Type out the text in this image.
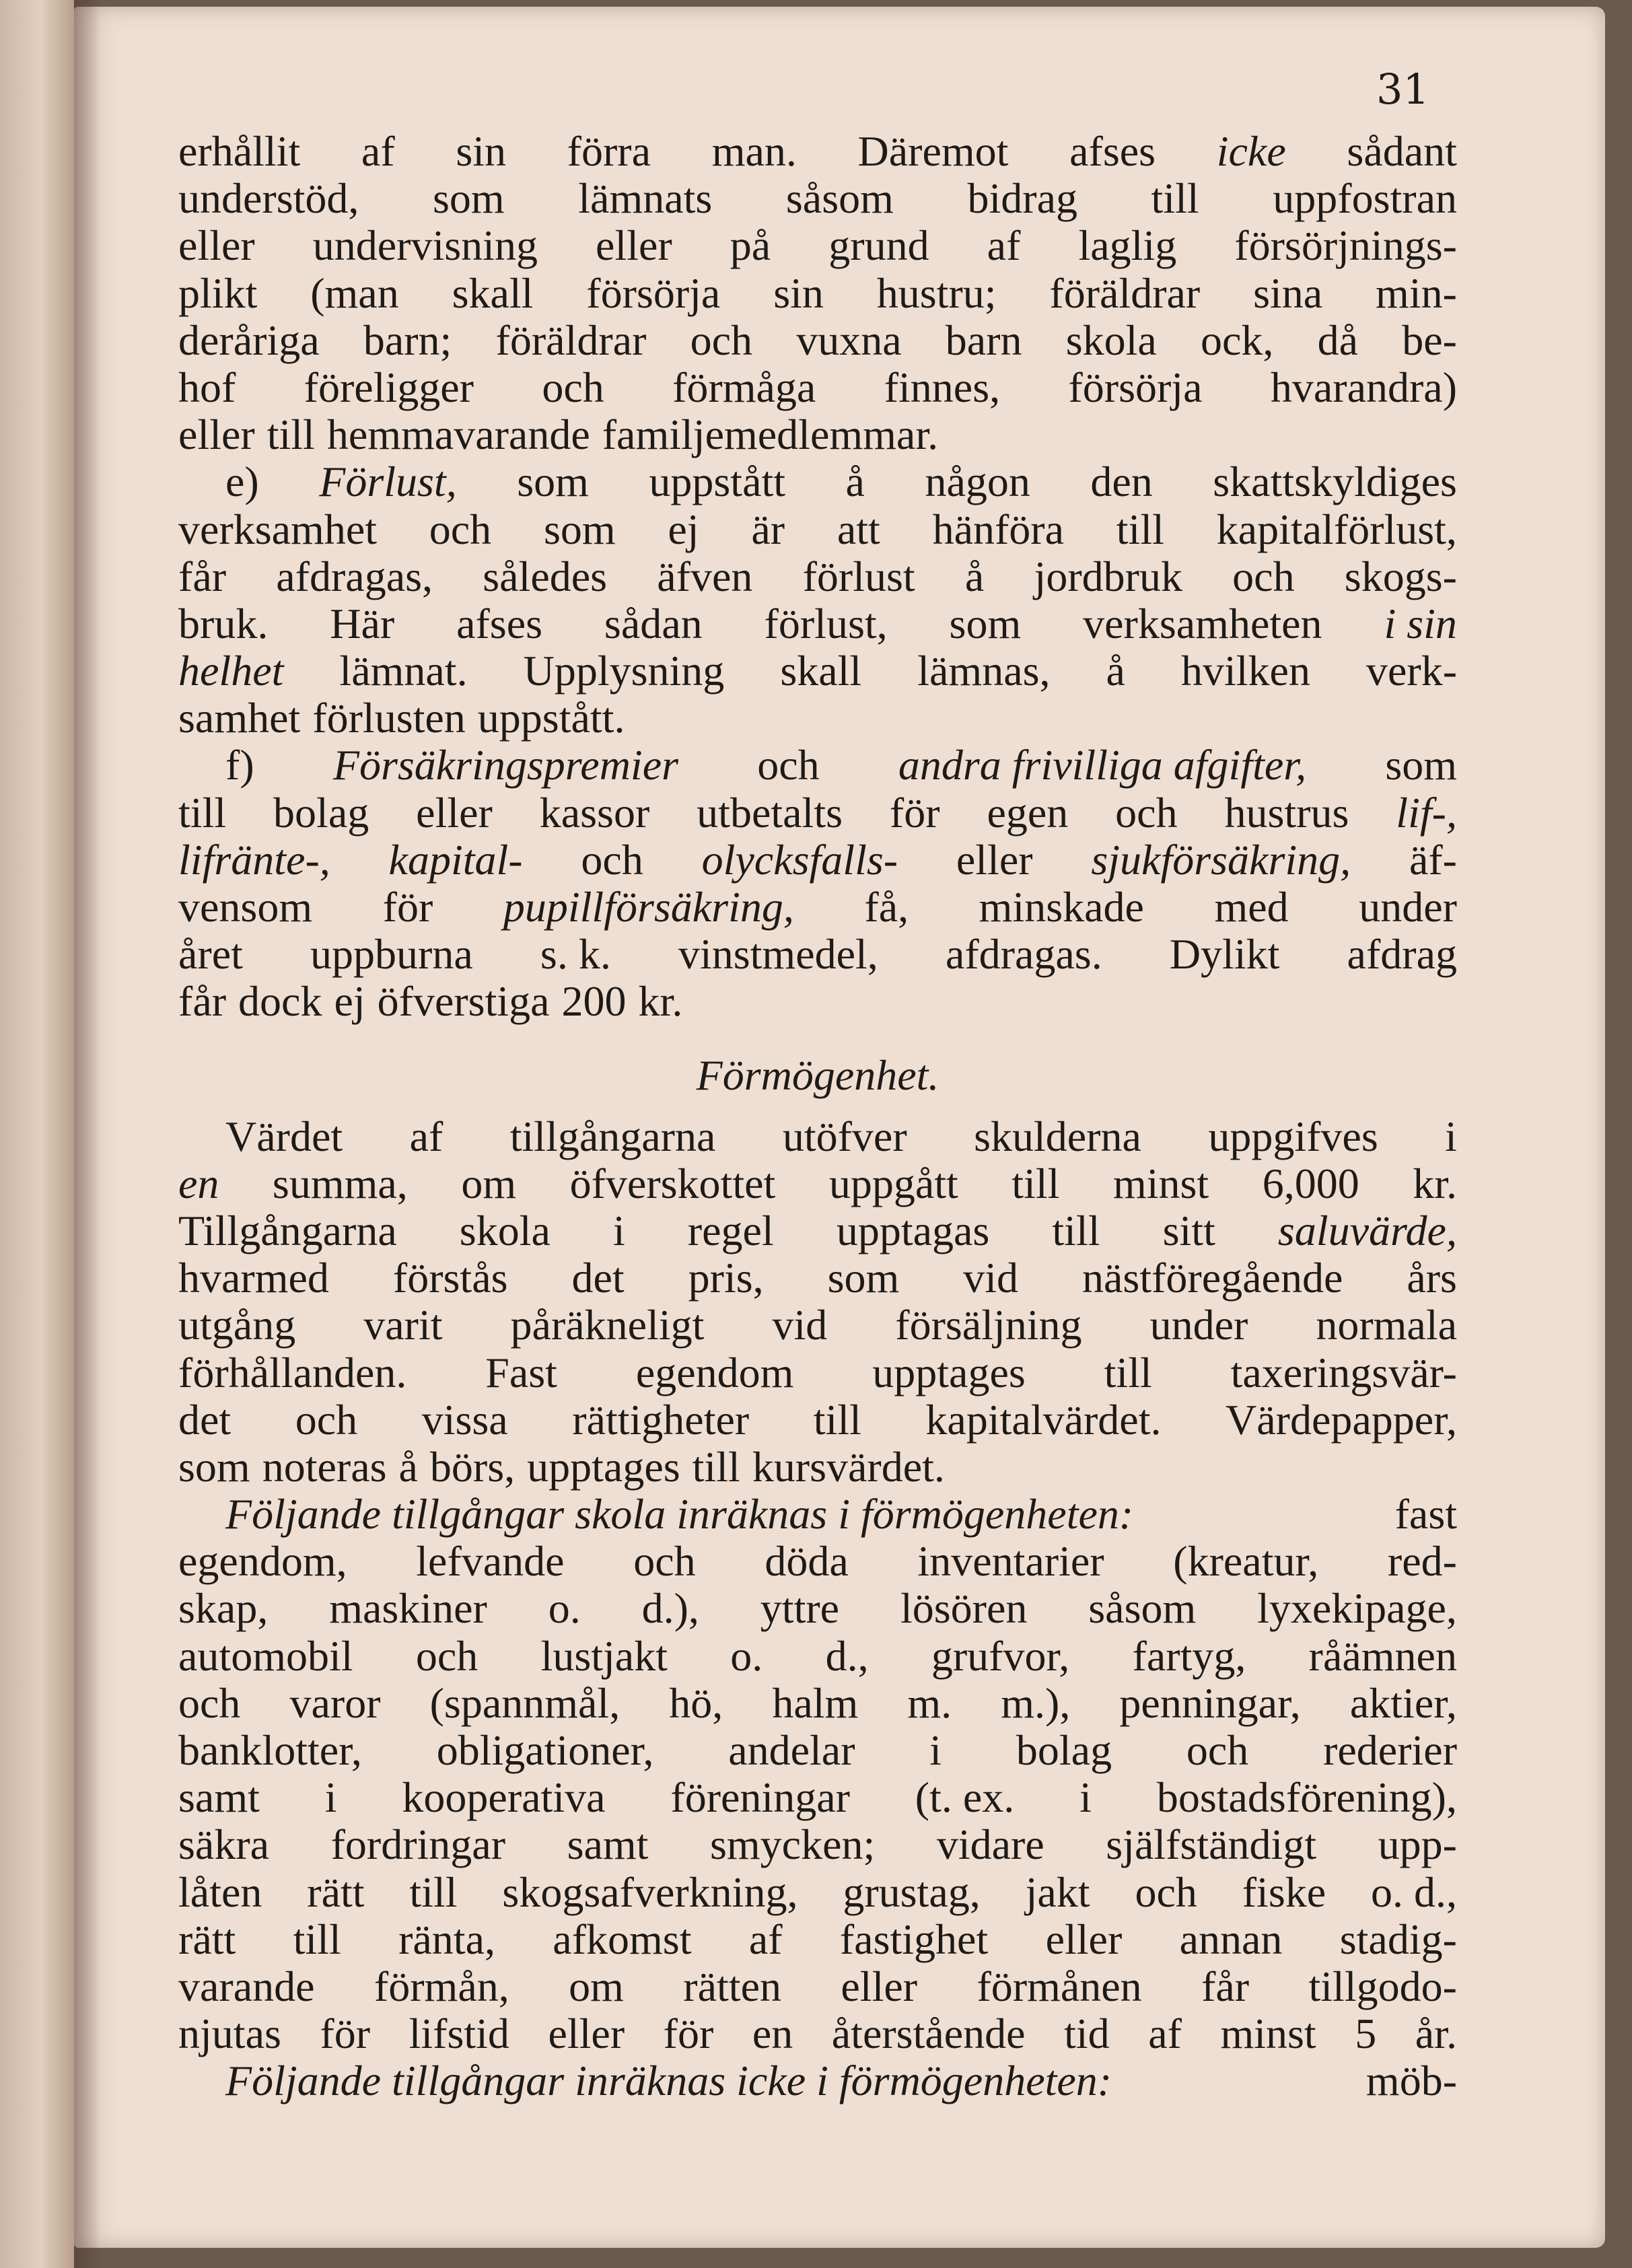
31
erhållit af sin förra man. Däremot afses icke sådant
understöd, som lämnats såsom bidrag till uppfostran
eller undervisning eller på grund af laglig försörjnings-
plikt (man skall försörja sin hustru; föräldrar sina min-
deråriga barn; föräldrar och vuxna barn skola ock, då be-
hof föreligger och förmåga finnes, försörja hvarandra)
eller till hemmavarande familjemedlemmar.
e) Förlust, som uppstått å någon den skattskyldiges
verksamhet och som ej är att hänföra till kapitalförlust,
får afdragas, således äfven förlust å jordbruk och skogs-
bruk. Här afses sådan förlust, som verksamheten i sin
helhet lämnat. Upplysning skall lämnas, å hvilken verk-
samhet förlusten uppstått.
f) Försäkringspremier och andra frivilliga afgifter, som
till bolag eller kassor utbetalts för egen och hustrus lif-,
lifränte-, kapital- och olycksfalls- eller sjukförsäkring, äf-
vensom för pupillförsäkring, få, minskade med under
året uppburna s. k. vinstmedel, afdragas. Dylikt afdrag
får dock ej öfverstiga 200 kr.
Förmögenhet.
Värdet af tillgångarna utöfver skulderna uppgifves i
en summa, om öfverskottet uppgått till minst 6,000 kr.
Tillgångarna skola i regel upptagas till sitt saluvärde,
hvarmed förstås det pris, som vid nästföregående års
utgång varit påräkneligt vid försäljning under normala
förhållanden. Fast egendom upptages till taxeringsvär-
det och vissa rättigheter till kapitalvärdet. Värdepapper,
som noteras å börs, upptages till kursvärdet.
Följande tillgångar skola inräknas i förmögenheten:	fast
egendom, lefvande och döda inventarier (kreatur, red-
skap, maskiner o. d.), yttre lösören såsom lyxekipage,
automobil och lustjakt o. d., grufvor, fartyg, råämnen
och varor (spannmål, hö, halm m. m.), penningar, aktier,
banklotter, obligationer, andelar i bolag och rederier
samt i kooperativa föreningar (t. ex. i bostadsförening),
säkra fordringar samt smycken; vidare själfständigt upp-
låten rätt till skogsafverkning, grustag, jakt och fiske o. d.,
rätt till ränta, afkomst af fastighet eller annan stadig-
varande förmån, om rätten eller förmånen får tillgodo-
njutas för lifstid eller för en återstående tid af minst 5 år.
Följande tillgångar inräknas icke i förmögenheten:	möb-
